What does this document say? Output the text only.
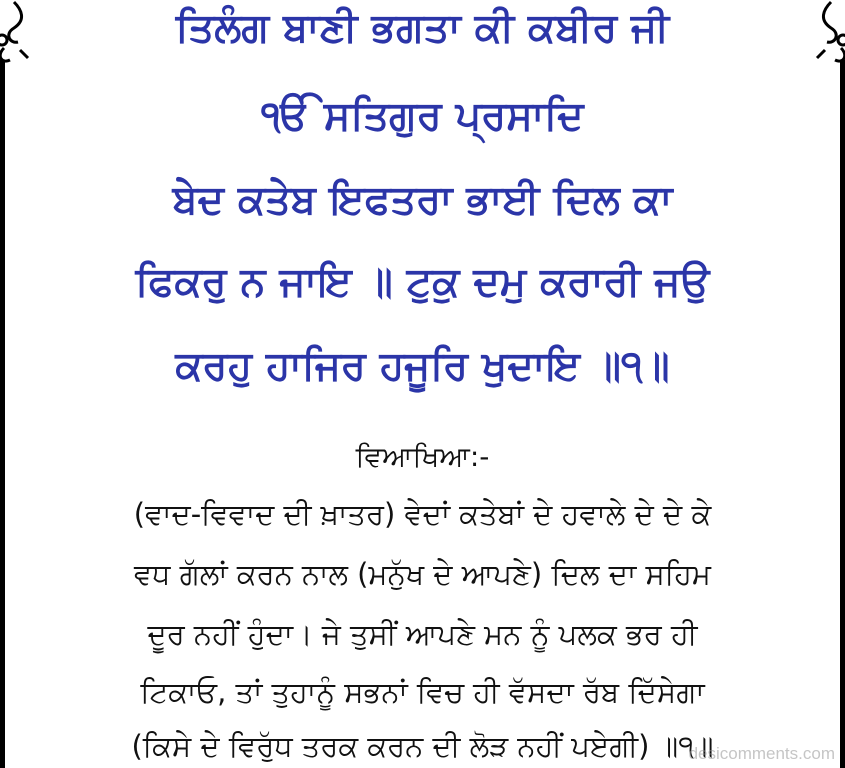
ਤਿਲੰਗ ਬਾਣੀ ਭਗਤਾ ਕੀ ਕਬੀਰ ਜੀ
ੴ ਸਤਿਗੁਰ ਪ੍ਰਸਾਦਿ
ਬੇਦ ਕਤੇਬ ਇਫਤਰਾ ਭਾਈ ਦਿਲ ਕਾ
ਫਿਕਰੁ ਨ ਜਾਇ ॥ ਟੁਕੁ ਦਮੁ ਕਰਾਰੀ ਜਉ
ਕਰਹੁ ਹਾਜਿਰ ਹਜੂਰਿ ਖੁਦਾਇ ॥੧॥
ਵਿਆਖਿਆ:-
(ਵਾਦ-ਵਿਵਾਦ ਦੀ ਖ਼ਾਤਰ) ਵੇਦਾਂ ਕਤੇਬਾਂ ਦੇ ਹਵਾਲੇ ਦੇ ਦੇ ਕੇ
ਵਧ ਗੱਲਾਂ ਕਰਨ ਨਾਲ (ਮਨੁੱਖ ਦੇ ਆਪਣੇ) ਦਿਲ ਦਾ ਸਹਿਮ
ਦੂਰ ਨਹੀਂ ਹੁੰਦਾ। ਜੇ ਤੁਸੀਂ ਆਪਣੇ ਮਨ ਨੂੰ ਪਲਕ ਭਰ ਹੀ
ਟਿਕਾਓ, ਤਾਂ ਤੁਹਾਨੂੰ ਸਭਨਾਂ ਵਿਚ ਹੀ ਵੱਸਦਾ ਰੱਬ ਦਿੱਸੇਗਾ
(ਕਿਸੇ ਦੇ ਵਿਰੁੱਧ ਤਰਕ ਕਰਨ ਦੀ ਲੋੜ ਨਹੀਂ ਪਏਗੀ) ॥੧॥
desicomments.com
